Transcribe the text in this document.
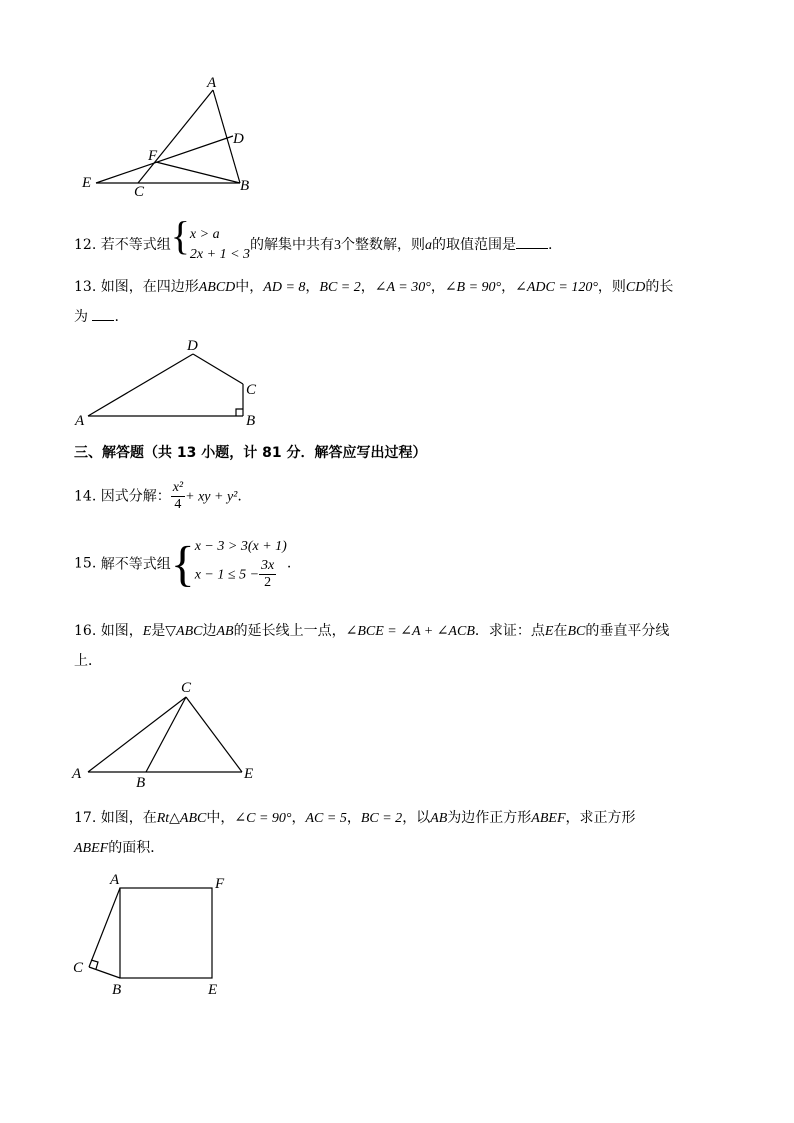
A
D
F
E
C	B
12. 若不等式组{ x > a
2x + 1 < 3
的解集中共有3个整数解，则a的取值范围是 .
13. 如图，在四边形ABCD中，AD = 8，BC = 2，∠A = 30°，∠B = 90°，∠ADC = 120°，则CD的长
为 .
D
C
A	B
三、解答题（共 13 小题，计 81 分．解答应写出过程）
14. 因式分解： $\frac{\text{x²}}{4}$ + xy + y².
15. 解不等式组{ x − 3 > 3(x + 1)
$x - 1 \le 5 - \frac{3x}{2}$ .
16. 如图，E是▽ABC边AB的延长线上一点，∠BCE = ∠A + ∠ACB．求证：点E在BC的垂直平分线
上．
C
A
B
E
17. 如图，在Rt△ABC中，∠C = 90°，AC = 5，BC = 2，以AB为边作正方形ABEF，求正方形
ABEF的面积．
A	F
C
B	E
